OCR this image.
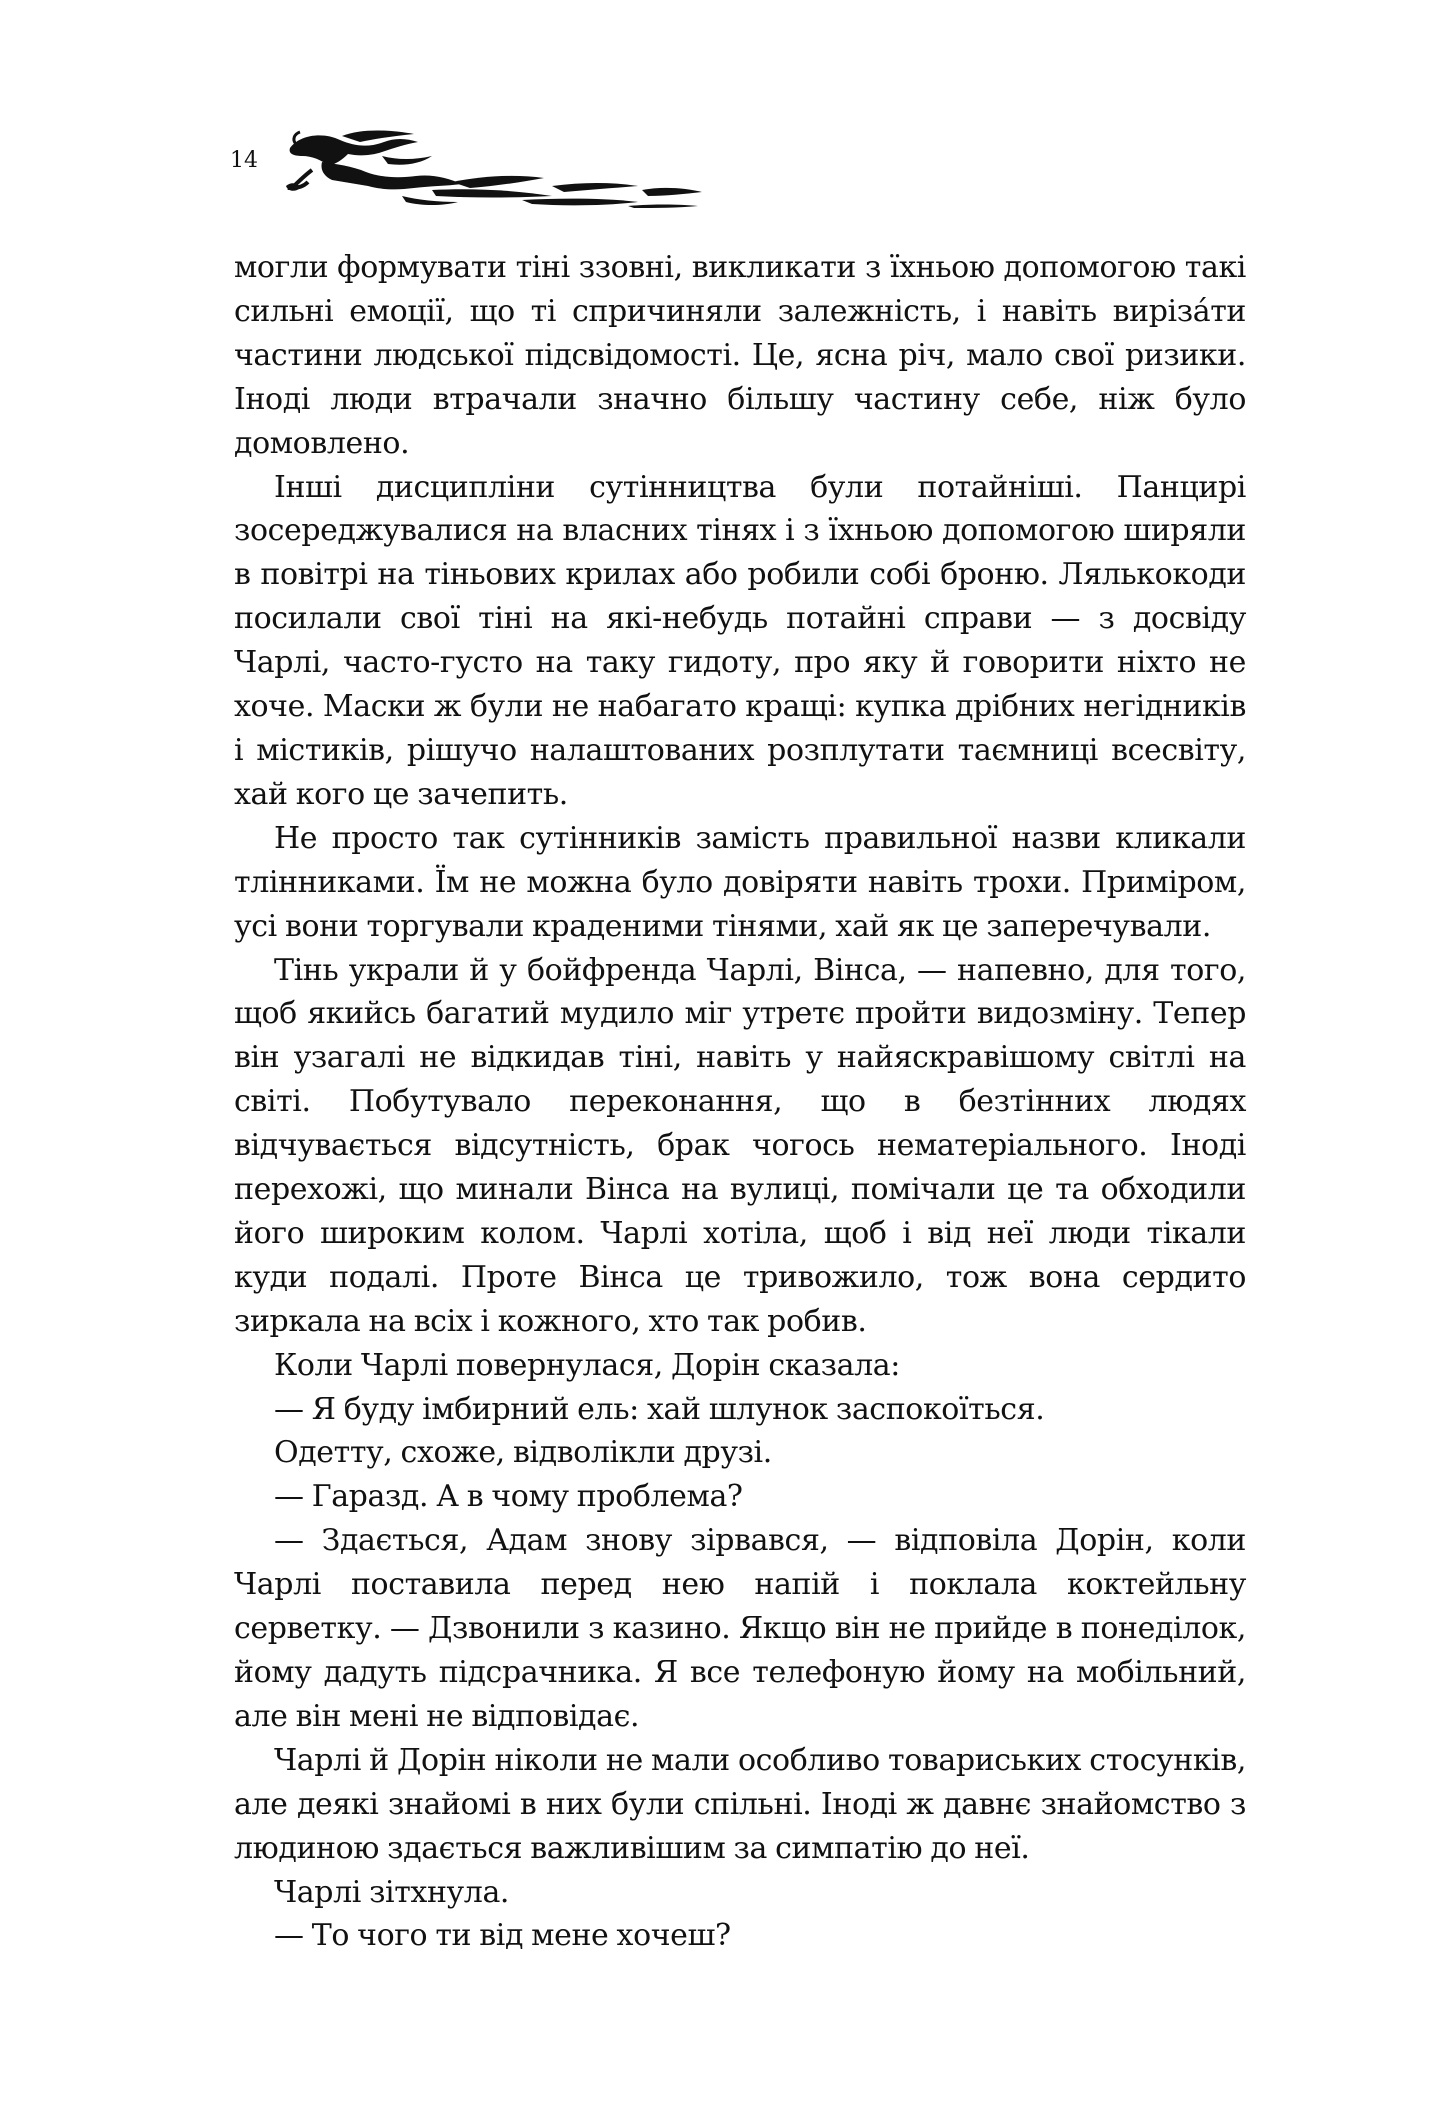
14

могли формувати тіні ззовні, викликати з їхньою допомогою такі сильні емоції, що ті спричиняли залежність, і навіть вирізáти частини людської підсвідомості. Це, ясна річ, мало свої ризики. Іноді люди втрачали значно більшу частину себе, ніж було домовлено.

Інші дисципліни сутінництва були потайніші. Панцирі зосереджувалися на власних тінях і з їхньою допомогою ширяли в повітрі на тіньових крилах або робили собі броню. Лялькокоди посилали свої тіні на які-небудь потайні справи — з досвіду Чарлі, часто-густо на таку гидоту, про яку й говорити ніхто не хоче. Маски ж були не набагато кращі: купка дрібних негідників і містиків, рішучо налаштованих розплутати таємниці всесвіту, хай кого це зачепить.

Не просто так сутінників замість правильної назви кликали тлінниками. Їм не можна було довіряти навіть трохи. Приміром, усі вони торгували краденими тінями, хай як це заперечували.

Тінь украли й у бойфренда Чарлі, Вінса, — напевно, для того, щоб якийсь багатий мудило міг утретє пройти видозміну. Тепер він узагалі не відкидав тіні, навіть у найяскравішому світлі на світі. Побутувало переконання, що в безтінних людях відчувається відсутність, брак чогось нематеріального. Іноді перехожі, що минали Вінса на вулиці, помічали це та обходили його широким колом. Чарлі хотіла, щоб і від неї люди тікали куди подалі. Проте Вінса це тривожило, тож вона сердито зиркала на всіх і кожного, хто так робив.

Коли Чарлі повернулася, Дорін сказала:

— Я буду імбирний ель: хай шлунок заспокоїться.

Одетту, схоже, відволікли друзі.

— Гаразд. А в чому проблема?

— Здається, Адам знову зірвався, — відповіла Дорін, коли Чарлі поставила перед нею напій і поклала коктейльну серветку. — Дзвонили з казино. Якщо він не прийде в понеділок, йому дадуть підсрачника. Я все телефоную йому на мобільний, але він мені не відповідає.

Чарлі й Дорін ніколи не мали особливо товариських стосунків, але деякі знайомі в них були спільні. Іноді ж давнє знайомство з людиною здається важливішим за симпатію до неї.

Чарлі зітхнула.

— То чого ти від мене хочеш?
